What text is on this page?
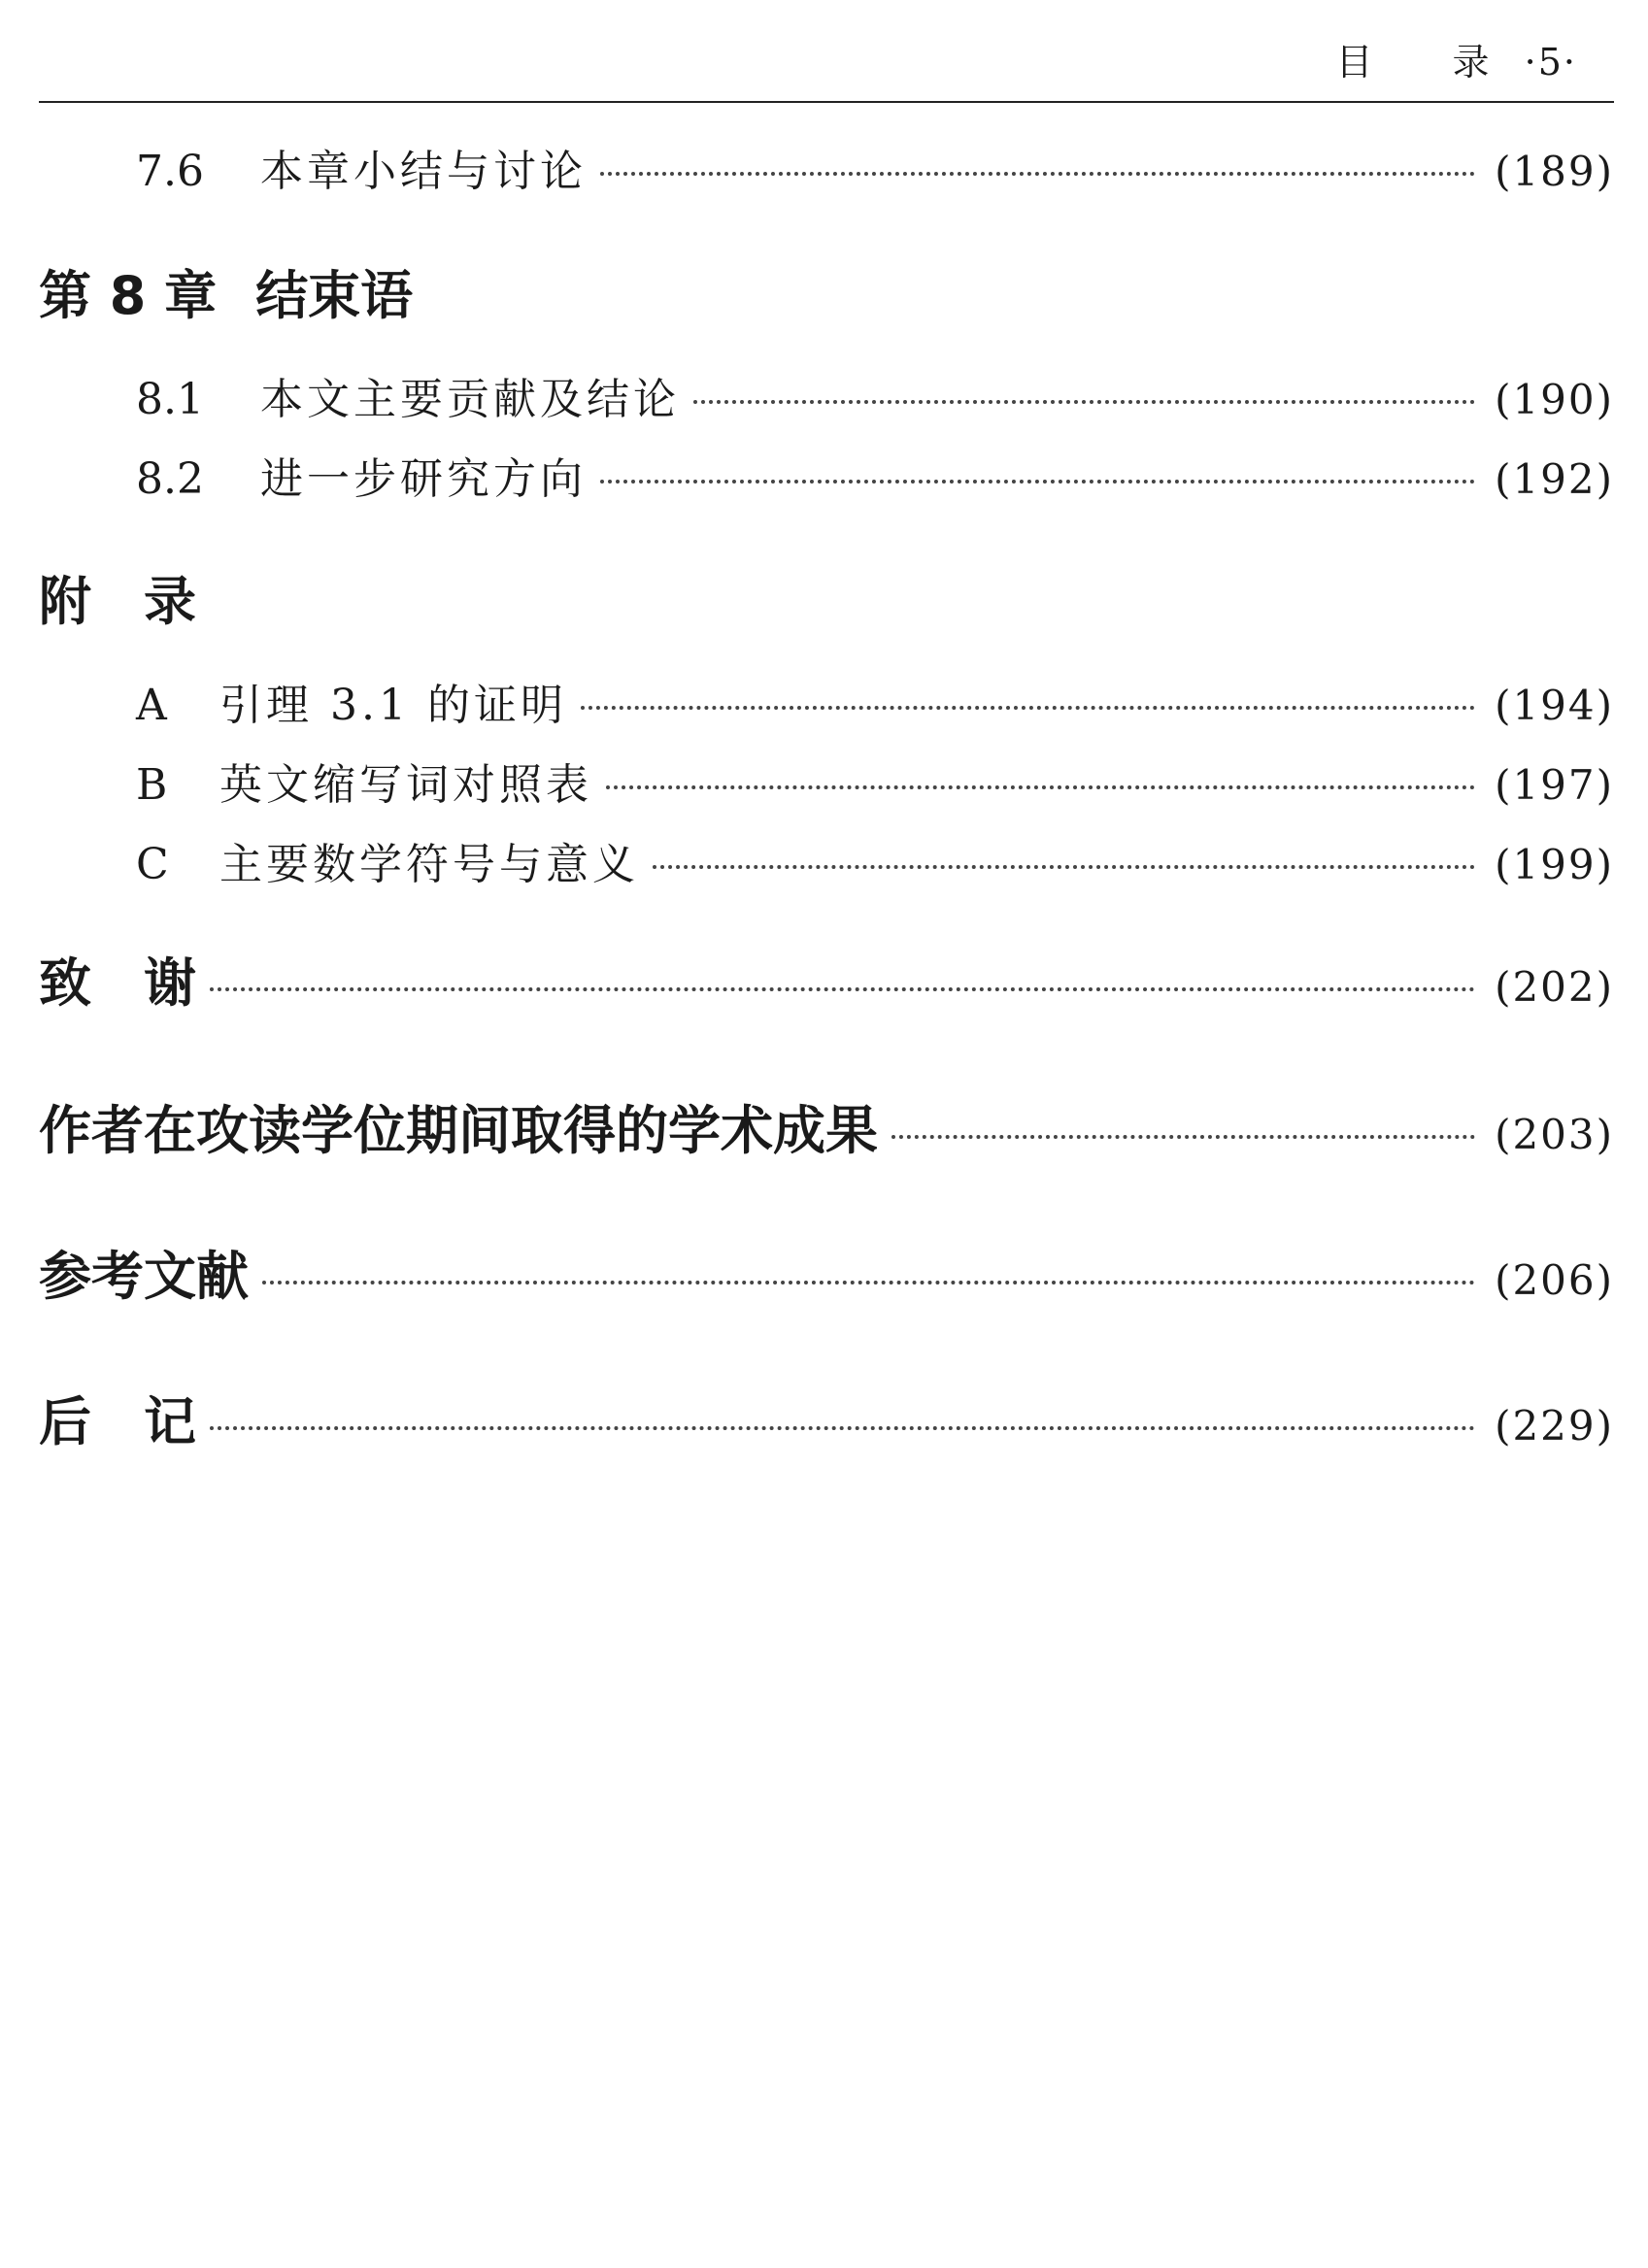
目　录 ·5·
7.6	本章小结与讨论	(189)
第 8 章 结束语
8.1	本文主要贡献及结论	(190)
8.2	进一步研究方向	(192)
附　录
A	引理 3.1 的证明	(194)
B	英文缩写词对照表	(197)
C	主要数学符号与意义	(199)
致　谢	(202)
作者在攻读学位期间取得的学术成果	(203)
参考文献	(206)
后　记	(229)
